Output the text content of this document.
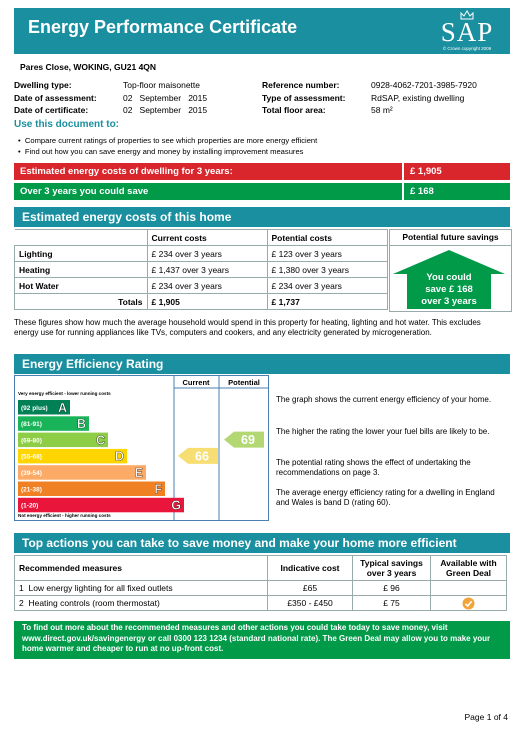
Energy Performance Certificate	SAP
© Crown copyright 2009
Pares Close, WOKING, GU21 4QN
Dwelling type:	Top-floor maisonette
Date of assessment:	02   September   2015
Date of certificate:	02   September   2015
Reference number:	0928-4062-7201-3985-7920
Type of assessment:	RdSAP, existing dwelling
Total floor area:	58 m²
Use this document to:
•  Compare current ratings of properties to see which properties are more energy efficient
•  Find out how you can save energy and money by installing improvement measures
Estimated energy costs of dwelling for 3 years:	£ 1,905
Over 3 years you could save	£ 168
Estimated energy costs of this home
	Current costs	Potential costs
Lighting	£ 234 over 3 years	£ 123 over 3 years
Heating	£ 1,437 over 3 years	£ 1,380 over 3 years
Hot Water	£ 234 over 3 years	£ 234 over 3 years
Totals	£ 1,905	£ 1,737
Potential future savings
You could
save £ 168
over 3 years
These figures show how much the average household would spend in this property for heating, lighting and hot water. This excludes energy use for running appliances like TVs, computers and cookers, and any electricity generated by microgeneration.
Energy Efficiency Rating
Current Potential
Very energy efficient - lower running costs
Not energy efficient - higher running costs
(92 plus) A
(81-91)	B
(69-80)	C
(55-68)	D
(39-54)	E
(21-38)	F
(1-20)	G
66
69
The graph shows the current energy efficiency of your home.
The higher the rating the lower your fuel bills are likely to be.
The potential rating shows the effect of undertaking the recommendations on page 3.
The average energy efficiency rating for a dwelling in England and Wales is band D (rating 60).
Top actions you can take to save money and make your home more efficient
Recommended measures	Indicative cost	Typical savings over 3 years	Available with Green Deal
1 Low energy lighting for all fixed outlets	£65	£ 96	
2 Heating controls (room thermostat)	£350 - £450	£ 75	
To find out more about the recommended measures and other actions you could take today to save money, visit www.direct.gov.uk/savingenergy or call 0300 123 1234 (standard national rate). The Green Deal may allow you to make your home warmer and cheaper to run at no up-front cost.
Page 1 of 4
